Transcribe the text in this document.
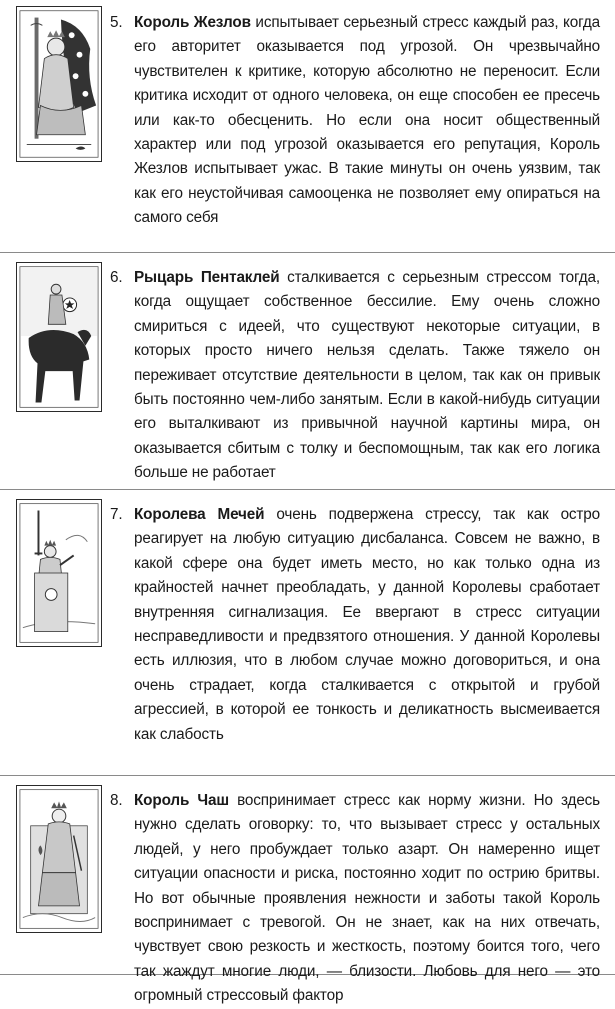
5. Король Жезлов испытывает серьезный стресс каждый раз, когда его авторитет оказывается под угрозой. Он чрезвычайно чувствителен к критике, которую абсолютно не переносит. Если критика исходит от одного человека, он еще способен ее пресечь или как-то обесценить. Но если она носит общественный характер или под угрозой оказывается его репутация, Король Жезлов испытывает ужас. В такие минуты он очень уязвим, так как его неустойчивая самооценка не позволяет ему опираться на самого себя
6. Рыцарь Пентаклей сталкивается с серьезным стрессом тогда, когда ощущает собственное бессилие. Ему очень сложно смириться с идеей, что существуют некоторые ситуации, в которых просто ничего нельзя сделать. Также тяжело он переживает отсутствие деятельности в целом, так как он привык быть постоянно чем-либо занятым. Если в какой-нибудь ситуации его выталкивают из привычной научной картины мира, он оказывается сбитым с толку и беспомощным, так как его логика больше не работает
7. Королева Мечей очень подвержена стрессу, так как остро реагирует на любую ситуацию дисбаланса. Совсем не важно, в какой сфере она будет иметь место, но как только одна из крайностей начнет преобладать, у данной Королевы сработает внутренняя сигнализация. Ее ввергают в стресс ситуации несправедливости и предвзятого отношения. У данной Королевы есть иллюзия, что в любом случае можно договориться, и она очень страдает, когда сталкивается с открытой и грубой агрессией, в которой ее тонкость и деликатность высмеивается как слабость
8. Король Чаш воспринимает стресс как норму жизни. Но здесь нужно сделать оговорку: то, что вызывает стресс у остальных людей, у него пробуждает только азарт. Он намеренно ищет ситуации опасности и риска, постоянно ходит по острию бритвы. Но вот обычные проявления нежности и заботы такой Король воспринимает с тревогой. Он не знает, как на них отвечать, чувствует свою резкость и жесткость, поэтому боится того, чего так жаждут многие люди, — близости. Любовь для него — это огромный стрессовый фактор
